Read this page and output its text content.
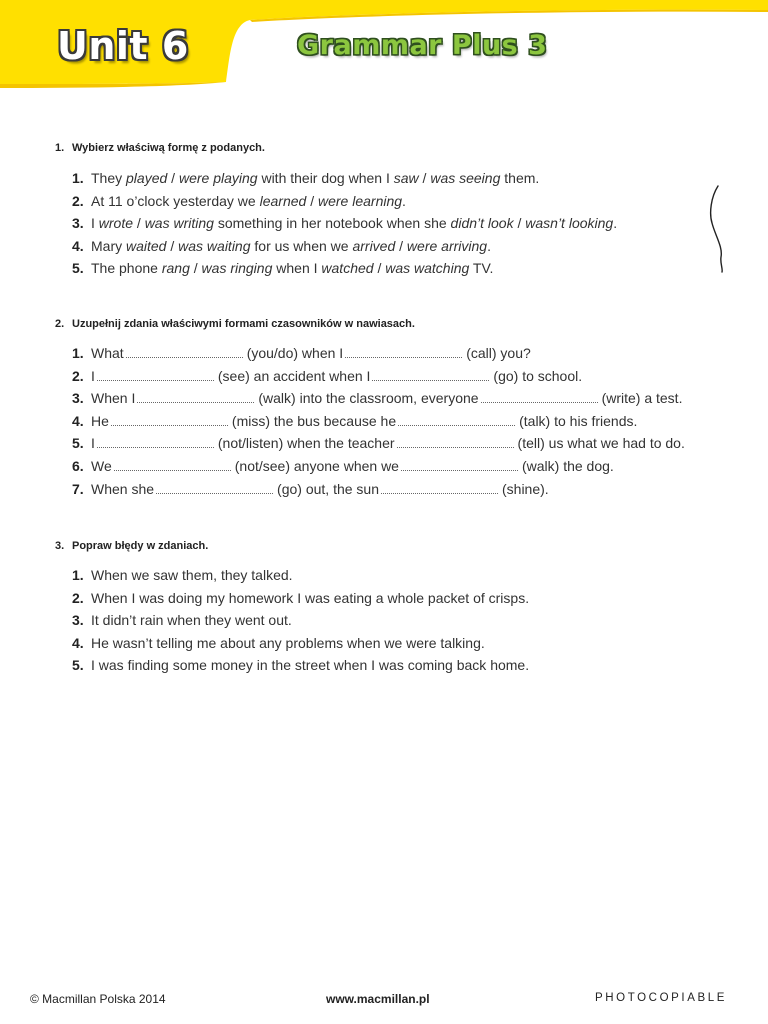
Unit 6	Grammar Plus 3
1. Wybierz właściwą formę z podanych.
1. They played / were playing with their dog when I saw / was seeing them.
2. At 11 o’clock yesterday we learned / were learning.
3. I wrote / was writing something in her notebook when she didn’t look / wasn’t looking.
4. Mary waited / was waiting for us when we arrived / were arriving.
5. The phone rang / was ringing when I watched / was watching TV.
2. Uzupełnij zdania właściwymi formami czasowników w nawiasach.
1. What	(you/do) when I	(call) you?
2. I	(see) an accident when I	(go) to school.
3. When I	(walk) into the classroom, everyone	(write) a test.
4. He	(miss) the bus because he	(talk) to his friends.
5. I	(not/listen) when the teacher	(tell) us what we had to do.
6. We	(not/see) anyone when we	(walk) the dog.
7. When she	(go) out, the sun	(shine).
3. Popraw błędy w zdaniach.
1. When we saw them, they talked.
2. When I was doing my homework I was eating a whole packet of crisps.
3. It didn’t rain when they went out.
4. He wasn’t telling me about any problems when we were talking.
5. I was finding some money in the street when I was coming back home.
© Macmillan Polska 2014	www.macmillan.pl	PHOTOCOPIABLE
